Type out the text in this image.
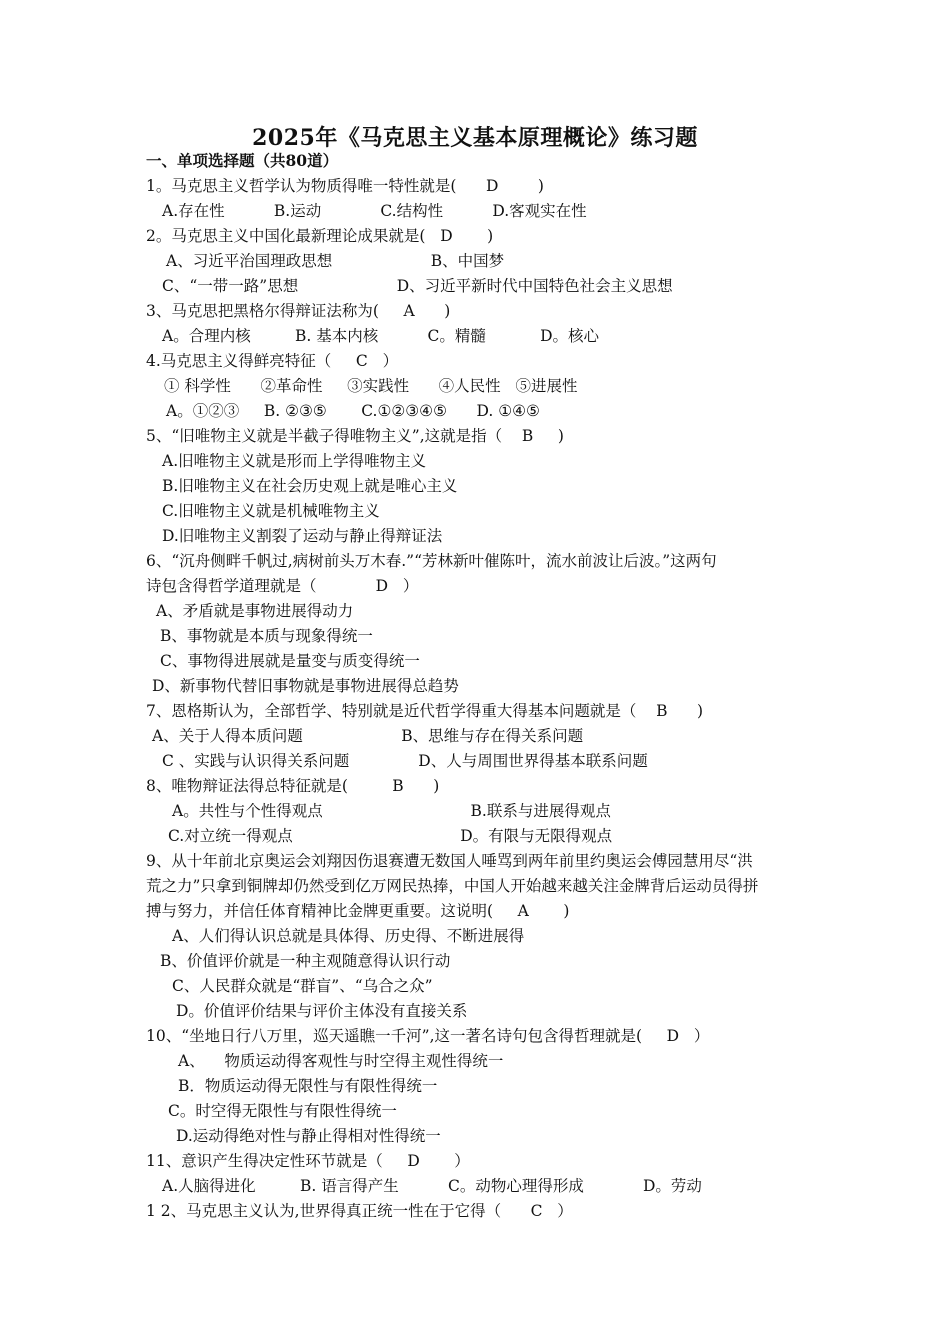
2025年《马克思主义基本原理概论》练习题
一、单项选择题（共80道）
1。马克思主义哲学认为物质得唯一特性就是(      D        )
A.存在性          B.运动            C.结构性          D.客观实在性
2。马克思主义中国化最新理论成果就是(   D       )
A、习近平治国理政思想                    B、中国梦
C、“一带一路”思想                    D、习近平新时代中国特色社会主义思想
3、马克思把黑格尔得辩证法称为(     A      )
A。合理内核         B. 基本内核          C。精髓           D。核心
4.马克思主义得鲜亮特征（     C   ）
① 科学性      ②革命性     ③实践性      ④人民性   ⑤进展性
A。①②③     B. ②③⑤       C.①②③④⑤      D. ①④⑤
5、“旧唯物主义就是半截子得唯物主义”,这就是指（    B     )
A.旧唯物主义就是形而上学得唯物主义
B.旧唯物主义在社会历史观上就是唯心主义
C.旧唯物主义就是机械唯物主义
D.旧唯物主义割裂了运动与静止得辩证法
6、“沉舟侧畔千帆过,病树前头万木春.”“芳林新叶催陈叶，流水前波让后波。”这两句
诗包含得哲学道理就是（            D   ）
A、矛盾就是事物进展得动力
B、事物就是本质与现象得统一
C、事物得进展就是量变与质变得统一
D、新事物代替旧事物就是事物进展得总趋势
7、恩格斯认为，全部哲学、特别就是近代哲学得重大得基本问题就是（    B      )
A、关于人得本质问题                    B、思维与存在得关系问题
C 、实践与认识得关系问题              D、人与周围世界得基本联系问题
8、唯物辩证法得总特征就是(         B      )
A。共性与个性得观点                              B.联系与进展得观点
C.对立统一得观点                                  D。有限与无限得观点
9、从十年前北京奥运会刘翔因伤退赛遭无数国人唾骂到两年前里约奥运会傅园慧用尽“洪
荒之力”只拿到铜牌却仍然受到亿万网民热捧，中国人开始越来越关注金牌背后运动员得拼
搏与努力，并信任体育精神比金牌更重要。这说明(     A       )
A、人们得认识总就是具体得、历史得、不断进展得
B、价值评价就是一种主观随意得认识行动
C、人民群众就是“群盲”、“乌合之众”
D。价值评价结果与评价主体没有直接关系
10、“坐地日行八万里，巡天遥瞧一千河”,这一著名诗句包含得哲理就是(     D   ）
A、    物质运动得客观性与时空得主观性得统一
B．物质运动得无限性与有限性得统一
C。时空得无限性与有限性得统一
D.运动得绝对性与静止得相对性得统一
11、意识产生得决定性环节就是（     D       ）
A.人脑得进化         B. 语言得产生          C。动物心理得形成            D。劳动
1 2、马克思主义认为,世界得真正统一性在于它得（      C   ）
